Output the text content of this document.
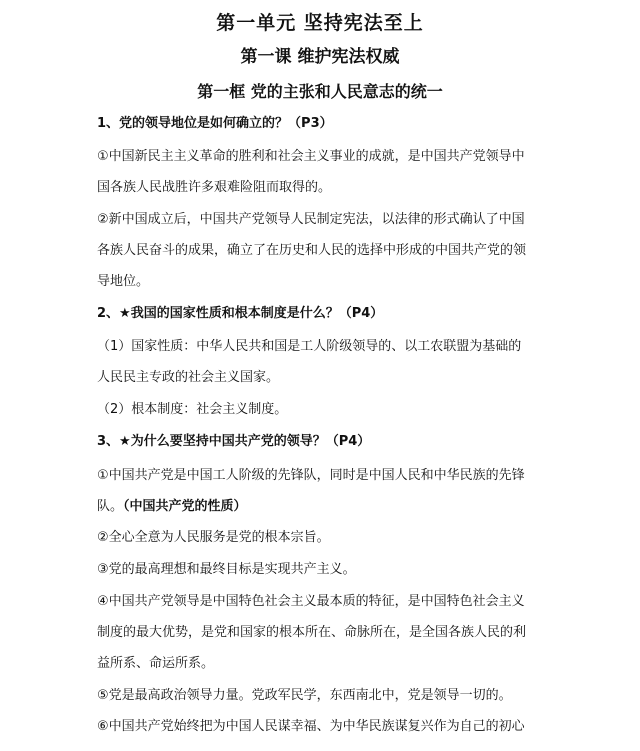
第一单元 坚持宪法至上
第一课 维护宪法权威
第一框 党的主张和人民意志的统一
1、党的领导地位是如何确立的？（P3）
①中国新民主主义革命的胜利和社会主义事业的成就，是中国共产党领导中
国各族人民战胜许多艰难险阻而取得的。
②新中国成立后，中国共产党领导人民制定宪法，以法律的形式确认了中国
各族人民奋斗的成果，确立了在历史和人民的选择中形成的中国共产党的领
导地位。
2、★我国的国家性质和根本制度是什么？（P4）
（1）国家性质：中华人民共和国是工人阶级领导的、以工农联盟为基础的
人民民主专政的社会主义国家。
（2）根本制度：社会主义制度。
3、★为什么要坚持中国共产党的领导？（P4）
①中国共产党是中国工人阶级的先锋队，同时是中国人民和中华民族的先锋
队。（中国共产党的性质）
②全心全意为人民服务是党的根本宗旨。
③党的最高理想和最终目标是实现共产主义。
④中国共产党领导是中国特色社会主义最本质的特征，是中国特色社会主义
制度的最大优势，是党和国家的根本所在、命脉所在，是全国各族人民的利
益所系、命运所系。
⑤党是最高政治领导力量。党政军民学，东西南北中，党是领导一切的。
⑥中国共产党始终把为中国人民谋幸福、为中华民族谋复兴作为自己的初心
